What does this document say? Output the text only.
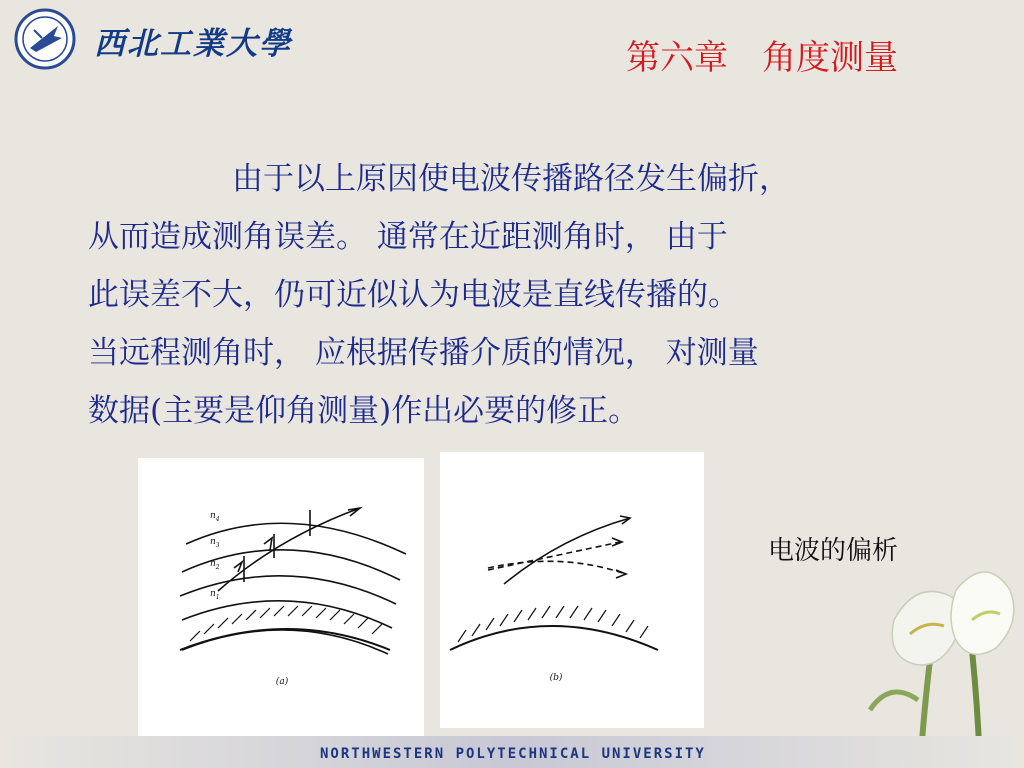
西北工業大學	第六章　角度测量
由于以上原因使电波传播路径发生偏折，
从而造成测角误差。 通常在近距测角时， 由于
此误差不大，仍可近似认为电波是直线传播的。
当远程测角时， 应根据传播介质的情况， 对测量
数据(主要是仰角测量)作出必要的修正。
$n_4$
$n_3$
$n_2$
$n_1$
(a)	(b)
电波的偏析
NORTHWESTERN POLYTECHNICAL UNIVERSITY
